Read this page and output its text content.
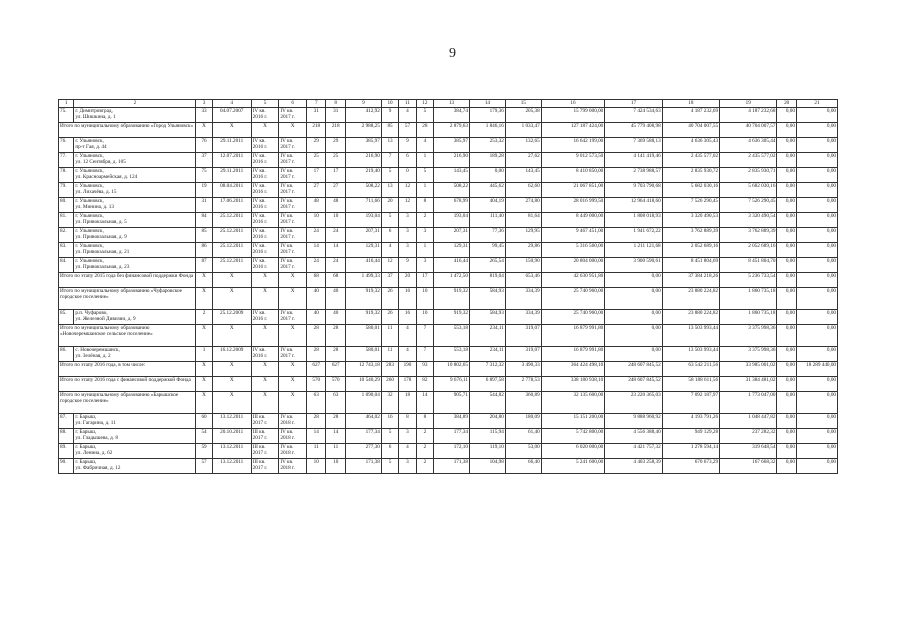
9
1	2	3	4	5	6	7	8	9	10	11	12	13	14	15	16	17	18	19	20	21
75.	г. Димитровград,
ул. Шишкина, д. 1	33	04.07.2007	IV кв.
2016 г.	IV кв.
2017 г.	31	31	412,92	9	4	5	384,74	179,36	205,38	15 799 000,00	7 424 534,63	4 187 232,69	4 187 232,68	0,00	0,00
Итого по муниципальному образованию «Город Ульяновск»		X	X	X	X	218	218	2 988,25	85	57	28	2 879,63	1 846,16	1 033,47	127 187 424,00	45 779 408,98	40 704 007,55	40 704 007,57	0,00	0,00
76.	г. Ульяновск,
пр-т Гая, д. 44	76	29.11.2011	IV кв.
2016 г.	IV кв.
2017 г.	29	29	385,97	13	9	4	385,97	253,32	132,65	16 642 199,00	7 369 588,13	4 636 305,43	4 636 305,44	0,00	0,00
77.	г. Ульяновск,
ул. 12 Сентября, д. 105	37	12.07.2011	IV кв.
2016 г.	IV кв.
2017 г.	25	25	216,90	7	6	1	216,90	189,28	27,62	9 012 573,50	4 141 419,46	2 435 577,02	2 435 577,02	0,00	0,00
78.	г. Ульяновск,
ул. Красноармейская, д. 124	75	29.11.2011	IV кв.
2016 г.	IV кв.
2017 г.	17	17	219,40	5	0	5	143,45	0,00	143,45	8 410 850,00	2 738 988,57	2 835 930,72	2 835 930,71	0,00	0,00
79.	г. Ульяновск,
ул. Лихачёва, д. 15	19	08.04.2011	IV кв.
2016 г.	IV кв.
2017 г.	27	27	508,22	13	12	1	508,22	445,62	62,60	21 067 851,00	9 703 790,68	5 682 030,16	5 682 030,16	0,00	0,00
80.	г. Ульяновск,
ул. Минина, д. 13	31	17.06.2011	IV кв.
2016 г.	IV кв.
2017 г.	48	48	711,66	20	12	8	678,99	404,19	274,80	28 016 999,50	12 964 418,60	7 526 290,45	7 526 290,45	0,00	0,00
81.	г. Ульяновск,
ул. Привокзальная, д. 5	84	25.12.2011	IV кв.
2016 г.	IV кв.
2017 г.	10	10	193,04	5	3	2	193,04	111,40	81,64	8 449 000,00	1 808 018,93	3 320 490,53	3 320 490,54	0,00	0,00
82.	г. Ульяновск,
ул. Привокзальная, д. 9	85	25.12.2011	IV кв.
2016 г.	IV кв.
2017 г.	24	24	207,31	6	3	3	207,31	77,36	129,95	9 467 451,00	1 941 672,22	3 762 889,39	3 762 889,39	0,00	0,00
83.	г. Ульяновск,
ул. Привокзальная, д. 21	86	25.12.2011	IV кв.
2016 г.	IV кв.
2017 г.	14	14	129,31	4	3	1	129,31	99,45	29,86	5 316 560,00	1 211 121,68	2 052 689,16	2 052 689,16	0,00	0,00
84.	г. Ульяновск,
ул. Привокзальная, д. 23	87	25.12.2011	IV кв.
2016 г.	IV кв.
2017 г.	24	24	416,44	12	9	3	416,44	265,54	150,90	20 804 000,00	3 900 590,61	8 451 804,69	8 451 804,70	0,00	0,00
Итого по этапу 2015 года без финансовой поддержки Фонда		X	X	X	X	68	68	1 499,33	37	20	17	1 472,50	819,04	653,46	42 630 951,80	0,00	37 384 218,26	5 236 733,54	0,00	0,00
Итого по муниципальному образованию «Чуфаровское городское поселение»		X	X	X	X	40	40	919,32	26	16	10	919,32	584,93	334,39	25 740 960,00	0,00	23 880 224,82	1 860 735,18	0,00	0,00
85.	р.п. Чуфарово,
ул. Железной Дивизии, д. 9	2	25.12.2009	IV кв.
2016 г.	IV кв.
2017 г.	40	40	919,32	26	16	10	919,32	584,93	334,39	25 740 960,00	0,00	23 880 224,82	1 860 735,18	0,00	0,00
Итого по муниципальному образованию «Новочеремшанское сельское поселение»		X	X	X	X	28	28	580,01	11	4	7	553,18	234,11	319,07	16 879 991,80	0,00	13 503 993,44	3 375 998,36	0,00	0,00
86.	с. Новочеремшанск,
ул. Зелёная, д. 2	1	16.12.2009	IV кв.
2016 г.	IV кв.
2017 г.	28	28	580,01	11	4	7	553,18	234,11	319,07	16 879 991,80	0,00	13 503 993,44	3 375 998,36	0,00	0,00
Итого по этапу 2016 года, в том числе:		X	X	X	X	627	627	12 743,18	283	190	93	10 802,65	7 312,32	3 490,33	364 424 498,10	248 607 845,52	63 542 211,56	33 985 001,02	0,00	18 289 440,00
Итого по этапу 2016 года с финансовой поддержкой Фонда		X	X	X	X	570	570	10 540,29	260	178	82	9 676,11	6 897,58	2 778,53	338 180 938,10	248 607 845,52	58 188 611,56	31 384 481,02	0,00	0,00
Итого по муниципальному образованию «Барышское городское поселение»		X	X	X	X	63	63	1 090,04	32	18	14	905,71	544,82	360,89	32 135 600,00	23 220 365,03	7 092 187,97	1 773 047,00	0,00	0,00
87.	г. Барыш,
ул. Гагарина, д. 11	60	13.12.2011	III кв.
2017 г.	IV кв.
2018 г.	28	28	464,02	16	8	8	384,89	204,80	180,09	15 151 200,00	9 888 960,92	4 193 791,26	1 048 447,82	0,00	0,00
88.	г. Барыш,
ул. Гладышева, д. 8	54	20.10.2011	III кв.
2017 г.	IV кв.
2018 г.	14	14	177,34	5	3	2	177,34	115,94	61,40	5 742 800,00	4 556 388,40	949 129,28	237 282,32	0,00	0,00
89.	г. Барыш,
ул. Ленина, д. 62	59	13.12.2011	III кв.
2017 г.	IV кв.
2018 г.	11	11	277,30	6	4	2	172,10	119,10	53,00	6 020 000,00	4 421 757,32	1 278 594,14	319 648,54	0,00	0,00
90.	г. Барыш,
ул. Фабричная, д. 12	57	13.12.2011	III кв.
2017 г.	IV кв.
2018 г.	10	10	171,38	5	3	2	171,38	104,98	66,40	5 241 600,00	4 403 258,39	670 673,29	167 668,32	0,00	0,00
